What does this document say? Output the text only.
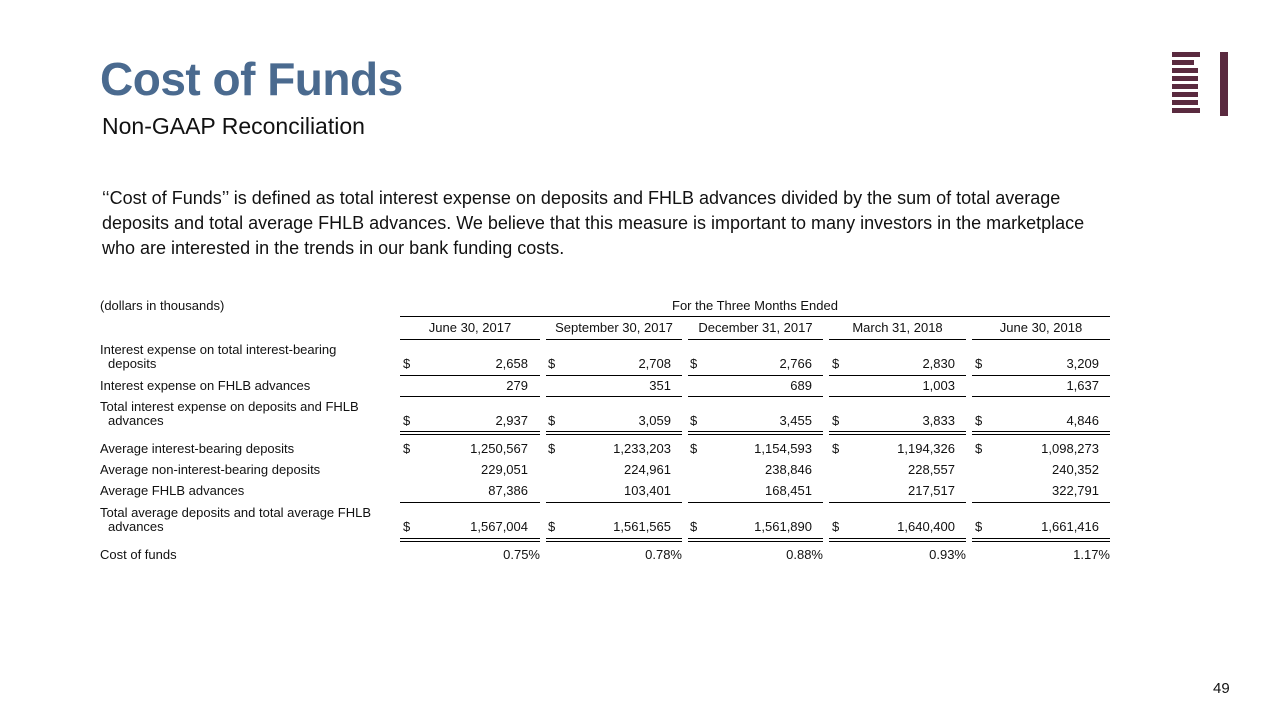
Cost of Funds
Non-GAAP Reconciliation
‘‘Cost of Funds’’ is defined as total interest expense on deposits and FHLB advances divided by the sum of total average deposits and total average FHLB advances. We believe that this measure is important to many investors in the marketplace who are interested in the trends in our bank funding costs.
(dollars in thousands)	For the Three Months Ended
June 30, 2017	September 30, 2017	December 31, 2017	March 31, 2018	June 30, 2018
Interest expense on total interest-bearing
deposits	$	2,658 $	2,708 $	2,766 $	2,830 $	3,209
Interest expense on FHLB advances	279	351	689	1,003	1,637
Total interest expense on deposits and FHLB
advances	$	2,937 $	3,059 $	3,455 $	3,833 $	4,846
Average interest-bearing deposits	$	1,250,567 $	1,233,203 $	1,154,593 $	1,194,326 $	1,098,273
Average non-interest-bearing deposits	229,051	224,961	238,846	228,557	240,352
Average FHLB advances	87,386	103,401	168,451	217,517	322,791
Total average deposits and total average FHLB
advances	$	1,567,004 $	1,561,565 $	1,561,890 $	1,640,400 $	1,661,416
Cost of funds	0.75%	0.78%	0.88%	0.93%	1.17%
49
